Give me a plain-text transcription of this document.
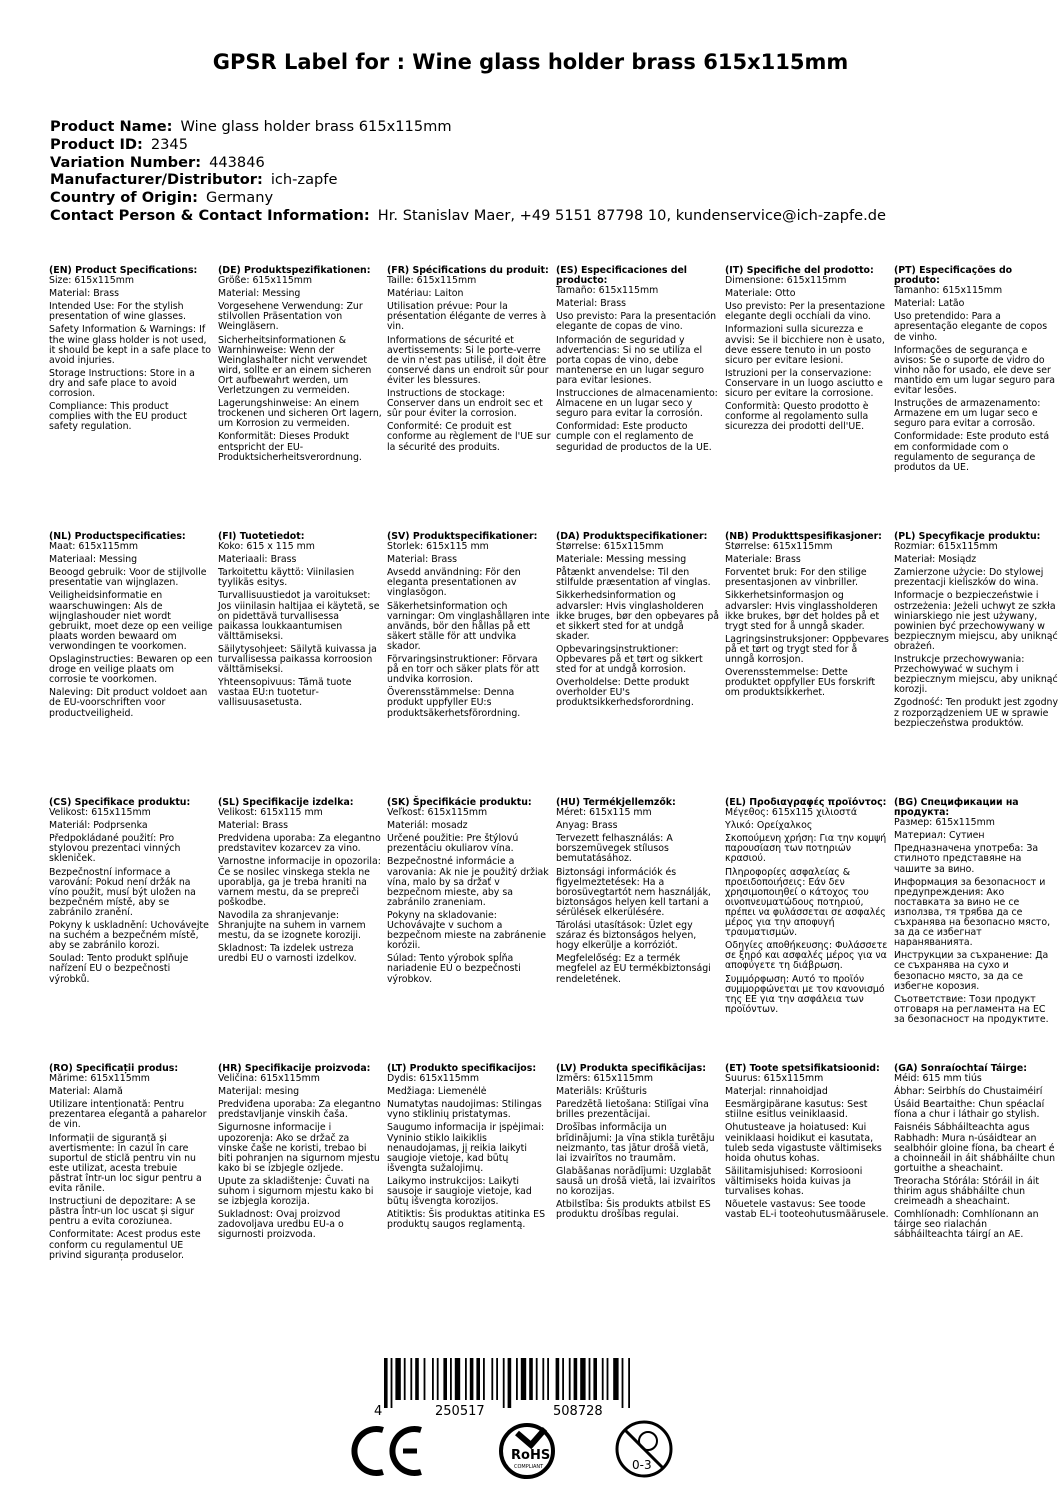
GPSR Label for : Wine glass holder brass 615x115mm
Product Name: Wine glass holder brass 615x115mm
Product ID: 2345
Variation Number: 443846
Manufacturer/Distributor: ich-zapfe
Country of Origin: Germany
Contact Person & Contact Information: Hr. Stanislav Maer, +49 5151 87798 10, kundenservice@ich-zapfe.de
(EN) Product Specifications:

Size: 615x115mm

Material: Brass

Intended Use: For the stylish presentation of wine glasses.

Safety Information & Warnings: If the wine glass holder is not used, it should be kept in a safe place to avoid injuries.

Storage Instructions: Store in a dry and safe place to avoid corrosion.

Compliance: This product complies with the EU product safety regulation.

(DE) Produktspezifikationen:

Größe: 615x115mm

Material: Messing

Vorgesehene Verwendung: Zur stilvollen Präsentation von Weingläsern.

Sicherheitsinformationen & Warnhinweise: Wenn der Weinglashalter nicht verwendet wird, sollte er an einem sicheren Ort aufbewahrt werden, um Verletzungen zu vermeiden.

Lagerungshinweise: An einem trockenen und sicheren Ort lagern, um Korrosion zu vermeiden.

Konformität: Dieses Produkt entspricht der EU-Produktsicherheitsverordnung.

(FR) Spécifications du produit:

Taille: 615x115mm

Matériau: Laiton

Utilisation prévue: Pour la présentation élégante de verres à vin.

Informations de sécurité et avertissements: Si le porte-verre de vin n'est pas utilisé, il doit être conservé dans un endroit sûr pour éviter les blessures.

Instructions de stockage: Conserver dans un endroit sec et sûr pour éviter la corrosion.

Conformité: Ce produit est conforme au règlement de l'UE sur la sécurité des produits.

(ES) Especificaciones del producto:

Tamaño: 615x115mm

Material: Brass

Uso previsto: Para la presentación elegante de copas de vino.

Información de seguridad y advertencias: Si no se utiliza el porta copas de vino, debe mantenerse en un lugar seguro para evitar lesiones.

Instrucciones de almacenamiento: Almacene en un lugar seco y seguro para evitar la corrosión.

Conformidad: Este producto cumple con el reglamento de seguridad de productos de la UE.

(IT) Specifiche del prodotto:

Dimensione: 615x115mm

Materiale: Otto

Uso previsto: Per la presentazione elegante degli occhiali da vino.

Informazioni sulla sicurezza e avvisi: Se il bicchiere non è usato, deve essere tenuto in un posto sicuro per evitare lesioni.

Istruzioni per la conservazione: Conservare in un luogo asciutto e sicuro per evitare la corrosione.

Conformità: Questo prodotto è conforme al regolamento sulla sicurezza dei prodotti dell'UE.

(PT) Especificações do produto:

Tamanho: 615x115mm

Material: Latão

Uso pretendido: Para a apresentação elegante de copos de vinho.

Informações de segurança e avisos: Se o suporte de vidro do vinho não for usado, ele deve ser mantido em um lugar seguro para evitar lesões.

Instruções de armazenamento: Armazene em um lugar seco e seguro para evitar a corrosão.

Conformidade: Este produto está em conformidade com o regulamento de segurança de produtos da UE.

(NL) Productspecificaties:

Maat: 615x115mm

Materiaal: Messing

Beoogd gebruik: Voor de stijlvolle presentatie van wijnglazen.

Veiligheidsinformatie en waarschuwingen: Als de wijnglashouder niet wordt gebruikt, moet deze op een veilige plaats worden bewaard om verwondingen te voorkomen.

Opslaginstructies: Bewaren op een droge en veilige plaats om corrosie te voorkomen.

Naleving: Dit product voldoet aan de EU-voorschriften voor productveiligheid.

(FI) Tuotetiedot:

Koko: 615 x 115 mm

Materiaali: Brass

Tarkoitettu käyttö: Viinilasien tyylikäs esitys.

Turvallisuustiedot ja varoitukset: Jos viinilasin haltijaa ei käytetä, se on pidettävä turvallisessa paikassa loukkaantumisen välttämiseksi.

Säilytysohjeet: Säilytä kuivassa ja turvallisessa paikassa korroosion välttämiseksi.

Yhteensopivuus: Tämä tuote vastaa EU:n tuoteturvallisuusasetusta.

(SV) Produktspecifikationer:

Storlek: 615x115 mm

Material: Brass

Avsedd användning: För den eleganta presentationen av vinglasögon.

Säkerhetsinformation och varningar: Om vinglashållaren inte används, bör den hållas på ett säkert ställe för att undvika skador.

Förvaringsinstruktioner: Förvara på en torr och säker plats för att undvika korrosion.

Överensstämmelse: Denna produkt uppfyller EU:s produktsäkerhetsförordning.

(DA) Produktspecifikationer:

Størrelse: 615x115mm

Materiale: Messing messing

Påtænkt anvendelse: Til den stilfulde præsentation af vinglas.

Sikkerhedsinformation og advarsler: Hvis vinglasholderen ikke bruges, bør den opbevares på et sikkert sted for at undgå skader.

Opbevaringsinstruktioner: Opbevares på et tørt og sikkert sted for at undgå korrosion.

Overholdelse: Dette produkt overholder EU's produktsikkerhedsforordning.

(NB) Produkttspesifikasjoner:

Størrelse: 615x115mm

Materiale: Brass

Forventet bruk: For den stilige presentasjonen av vinbriller.

Sikkerhetsinformasjon og advarsler: Hvis vinglassholderen ikke brukes, bør det holdes på et trygt sted for å unngå skader.

Lagringsinstruksjoner: Oppbevares på et tørt og trygt sted for å unngå korrosjon.

Overensstemmelse: Dette produktet oppfyller EUs forskrift om produktsikkerhet.

(PL) Specyfikacje produktu:

Rozmiar: 615x115mm

Materiał: Mosiądz

Zamierzone użycie: Do stylowej prezentacji kieliszków do wina.

Informacje o bezpieczeństwie i ostrzeżenia: Jeżeli uchwyt ze szkła winiarskiego nie jest używany, powinien być przechowywany w bezpiecznym miejscu, aby uniknąć obrażeń.

Instrukcje przechowywania: Przechowywać w suchym i bezpiecznym miejscu, aby uniknąć korozji.

Zgodność: Ten produkt jest zgodny z rozporządzeniem UE w sprawie bezpieczeństwa produktów.

(CS) Specifikace produktu:

Velikost: 615x115mm

Materiál: Podprsenka

Předpokládané použití: Pro stylovou prezentaci vinných skleniček.

Bezpečnostní informace a varování: Pokud není držák na víno použit, musí být uložen na bezpečném místě, aby se zabránilo zranění.

Pokyny k uskladnění: Uchovávejte na suchém a bezpečném místě, aby se zabránilo korozi.

Soulad: Tento produkt splňuje nařízení EU o bezpečnosti výrobků.

(SL) Specifikacije izdelka:

Velikost: 615x115 mm

Material: Brass

Predvidena uporaba: Za elegantno predstavitev kozarcev za vino.

Varnostne informacije in opozorila: Če se nosilec vinskega stekla ne uporablja, ga je treba hraniti na varnem mestu, da se prepreči poškodbe.

Navodila za shranjevanje: Shranjujte na suhem in varnem mestu, da se izognete koroziji.

Skladnost: Ta izdelek ustreza uredbi EU o varnosti izdelkov.

(SK) Špecifikácie produktu:

Veľkosť: 615x115mm

Materiál: mosadz

Určené použitie: Pre štýlovú prezentáciu okuliarov vína.

Bezpečnostné informácie a varovania: Ak nie je použitý držiak vína, malo by sa držať v bezpečnom mieste, aby sa zabránilo zraneniam.

Pokyny na skladovanie: Uchovávajte v suchom a bezpečnom mieste na zabránenie korózii.

Súlad: Tento výrobok spĺňa nariadenie EÚ o bezpečnosti výrobkov.

(HU) Termékjellemzők:

Méret: 615x115 mm

Anyag: Brass

Tervezett felhasználás: A borszemüvegek stílusos bemutatásához.

Biztonsági információk és figyelmeztetések: Ha a borosüvegtartót nem használják, biztonságos helyen kell tartani a sérülések elkerülésére.

Tárolási utasítások: Üzlet egy száraz és biztonságos helyen, hogy elkerülje a korróziót.

Megfelelőség: Ez a termék megfelel az EU termékbiztonsági rendeletének.

(EL) Προδιαγραφές προϊόντος:

Μέγεθος: 615x115 χιλιοστά

Υλικό: Ορείχαλκος

Σκοπούμενη χρήση: Για την κομψή παρουσίαση των ποτηριών κρασιού.

Πληροφορίες ασφαλείας & προειδοποιήσεις: Εάν δεν χρησιμοποιηθεί ο κάτοχος του οινοπνευματώδους ποτηριού, πρέπει να φυλάσσεται σε ασφαλές μέρος για την αποφυγή τραυματισμών.

Οδηγίες αποθήκευσης: Φυλάσσετε σε ξηρό και ασφαλές μέρος για να αποφύγετε τη διάβρωση.

Συμμόρφωση: Αυτό το προϊόν συμμορφώνεται με τον κανονισμό της ΕΕ για την ασφάλεια των προϊόντων.

(BG) Спецификации на продукта:

Размер: 615x115mm

Материал: Сутиен

Предназначена употреба: За стилното представяне на чашите за вино.

Информация за безопасност и предупреждения: Ако поставката за вино не се използва, тя трябва да се съхранява на безопасно място, за да се избегнат нараняванията.

Инструкции за съхранение: Да се съхранява на сухо и безопасно място, за да се избегне корозия.

Съответствие: Този продукт отговаря на регламента на ЕС за безопасност на продуктите.

(RO) Specificații produs:

Mărime: 615x115mm

Material: Alamă

Utilizare intenționată: Pentru prezentarea elegantă a paharelor de vin.

Informații de siguranță și avertismente: În cazul în care suportul de sticlă pentru vin nu este utilizat, acesta trebuie păstrat într-un loc sigur pentru a evita rănile.

Instrucțiuni de depozitare: A se păstra într-un loc uscat și sigur pentru a evita coroziunea.

Conformitate: Acest produs este conform cu regulamentul UE privind siguranța produselor.

(HR) Specifikacije proizvoda:

Veličina: 615x115mm

Materijal: mesing

Predviđena uporaba: Za elegantno predstavljanje vinskih čaša.

Sigurnosne informacije i upozorenja: Ako se držač za vinske čaše ne koristi, trebao bi biti pohranjen na sigurnom mjestu kako bi se izbjegle ozljede.

Upute za skladištenje: Čuvati na suhom i sigurnom mjestu kako bi se izbjegla korozija.

Sukladnost: Ovaj proizvod zadovoljava uredbu EU-a o sigurnosti proizvoda.

(LT) Produkto specifikacijos:

Dydis: 615x115mm

Medžiaga: Liemenėlė

Numatytas naudojimas: Stilingas vyno stiklinių pristatymas.

Saugumo informacija ir įspėjimai: Vyninio stiklo laikiklis nenaudojamas, jį reikia laikyti saugioje vietoje, kad būtų išvengta sužalojimų.

Laikymo instrukcijos: Laikyti sausoje ir saugioje vietoje, kad būtų išvengta korozijos.

Atitiktis: Šis produktas atitinka ES produktų saugos reglamentą.

(LV) Produkta specifikācijas:

Izmērs: 615x115mm

Materiāls: Krūšturis

Paredzētā lietošana: Stilīgai vīna brilles prezentācijai.

Drošības informācija un brīdinājumi: Ja vīna stikla turētāju neizmanto, tas jātur drošā vietā, lai izvairītos no traumām.

Glabāšanas norādījumi: Uzglabāt sausā un drošā vietā, lai izvairītos no korozijas.

Atbilstība: Šis produkts atbilst ES produktu drošības regulai.

(ET) Toote spetsifikatsioonid:

Suurus: 615x115mm

Materjal: rinnahoidjad

Eesmärgipärane kasutus: Sest stiilne esitlus veiniklaasid.

Ohutusteave ja hoiatused: Kui veiniklaasi hoidikut ei kasutata, tuleb seda vigastuste vältimiseks hoida ohutus kohas.

Säilitamisjuhised: Korrosiooni vältimiseks hoida kuivas ja turvalises kohas.

Nõuetele vastavus: See toode vastab EL-i tooteohutusmäärusele.

(GA) Sonraíochtaí Táirge:

Méid: 615 mm tiús

Ábhar: Seirbhís do Chustaiméirí

Úsáid Beartaithe: Chun spéaclaí fíona a chur i láthair go stylish.

Faisnéis Sábháilteachta agus Rabhadh: Mura n-úsáidtear an sealbhóir gloine fíona, ba cheart é a choinneáil in áit shábháilte chun gortuithe a sheachaint.

Treoracha Stórála: Stóráil in áit thirim agus shábháilte chun creimeadh a sheachaint.

Comhlíonadh: Comhlíonann an táirge seo rialachán sábháilteachta táirgí an AE.

4	250517	508728
RoHS
COMPLIANT	0-3
